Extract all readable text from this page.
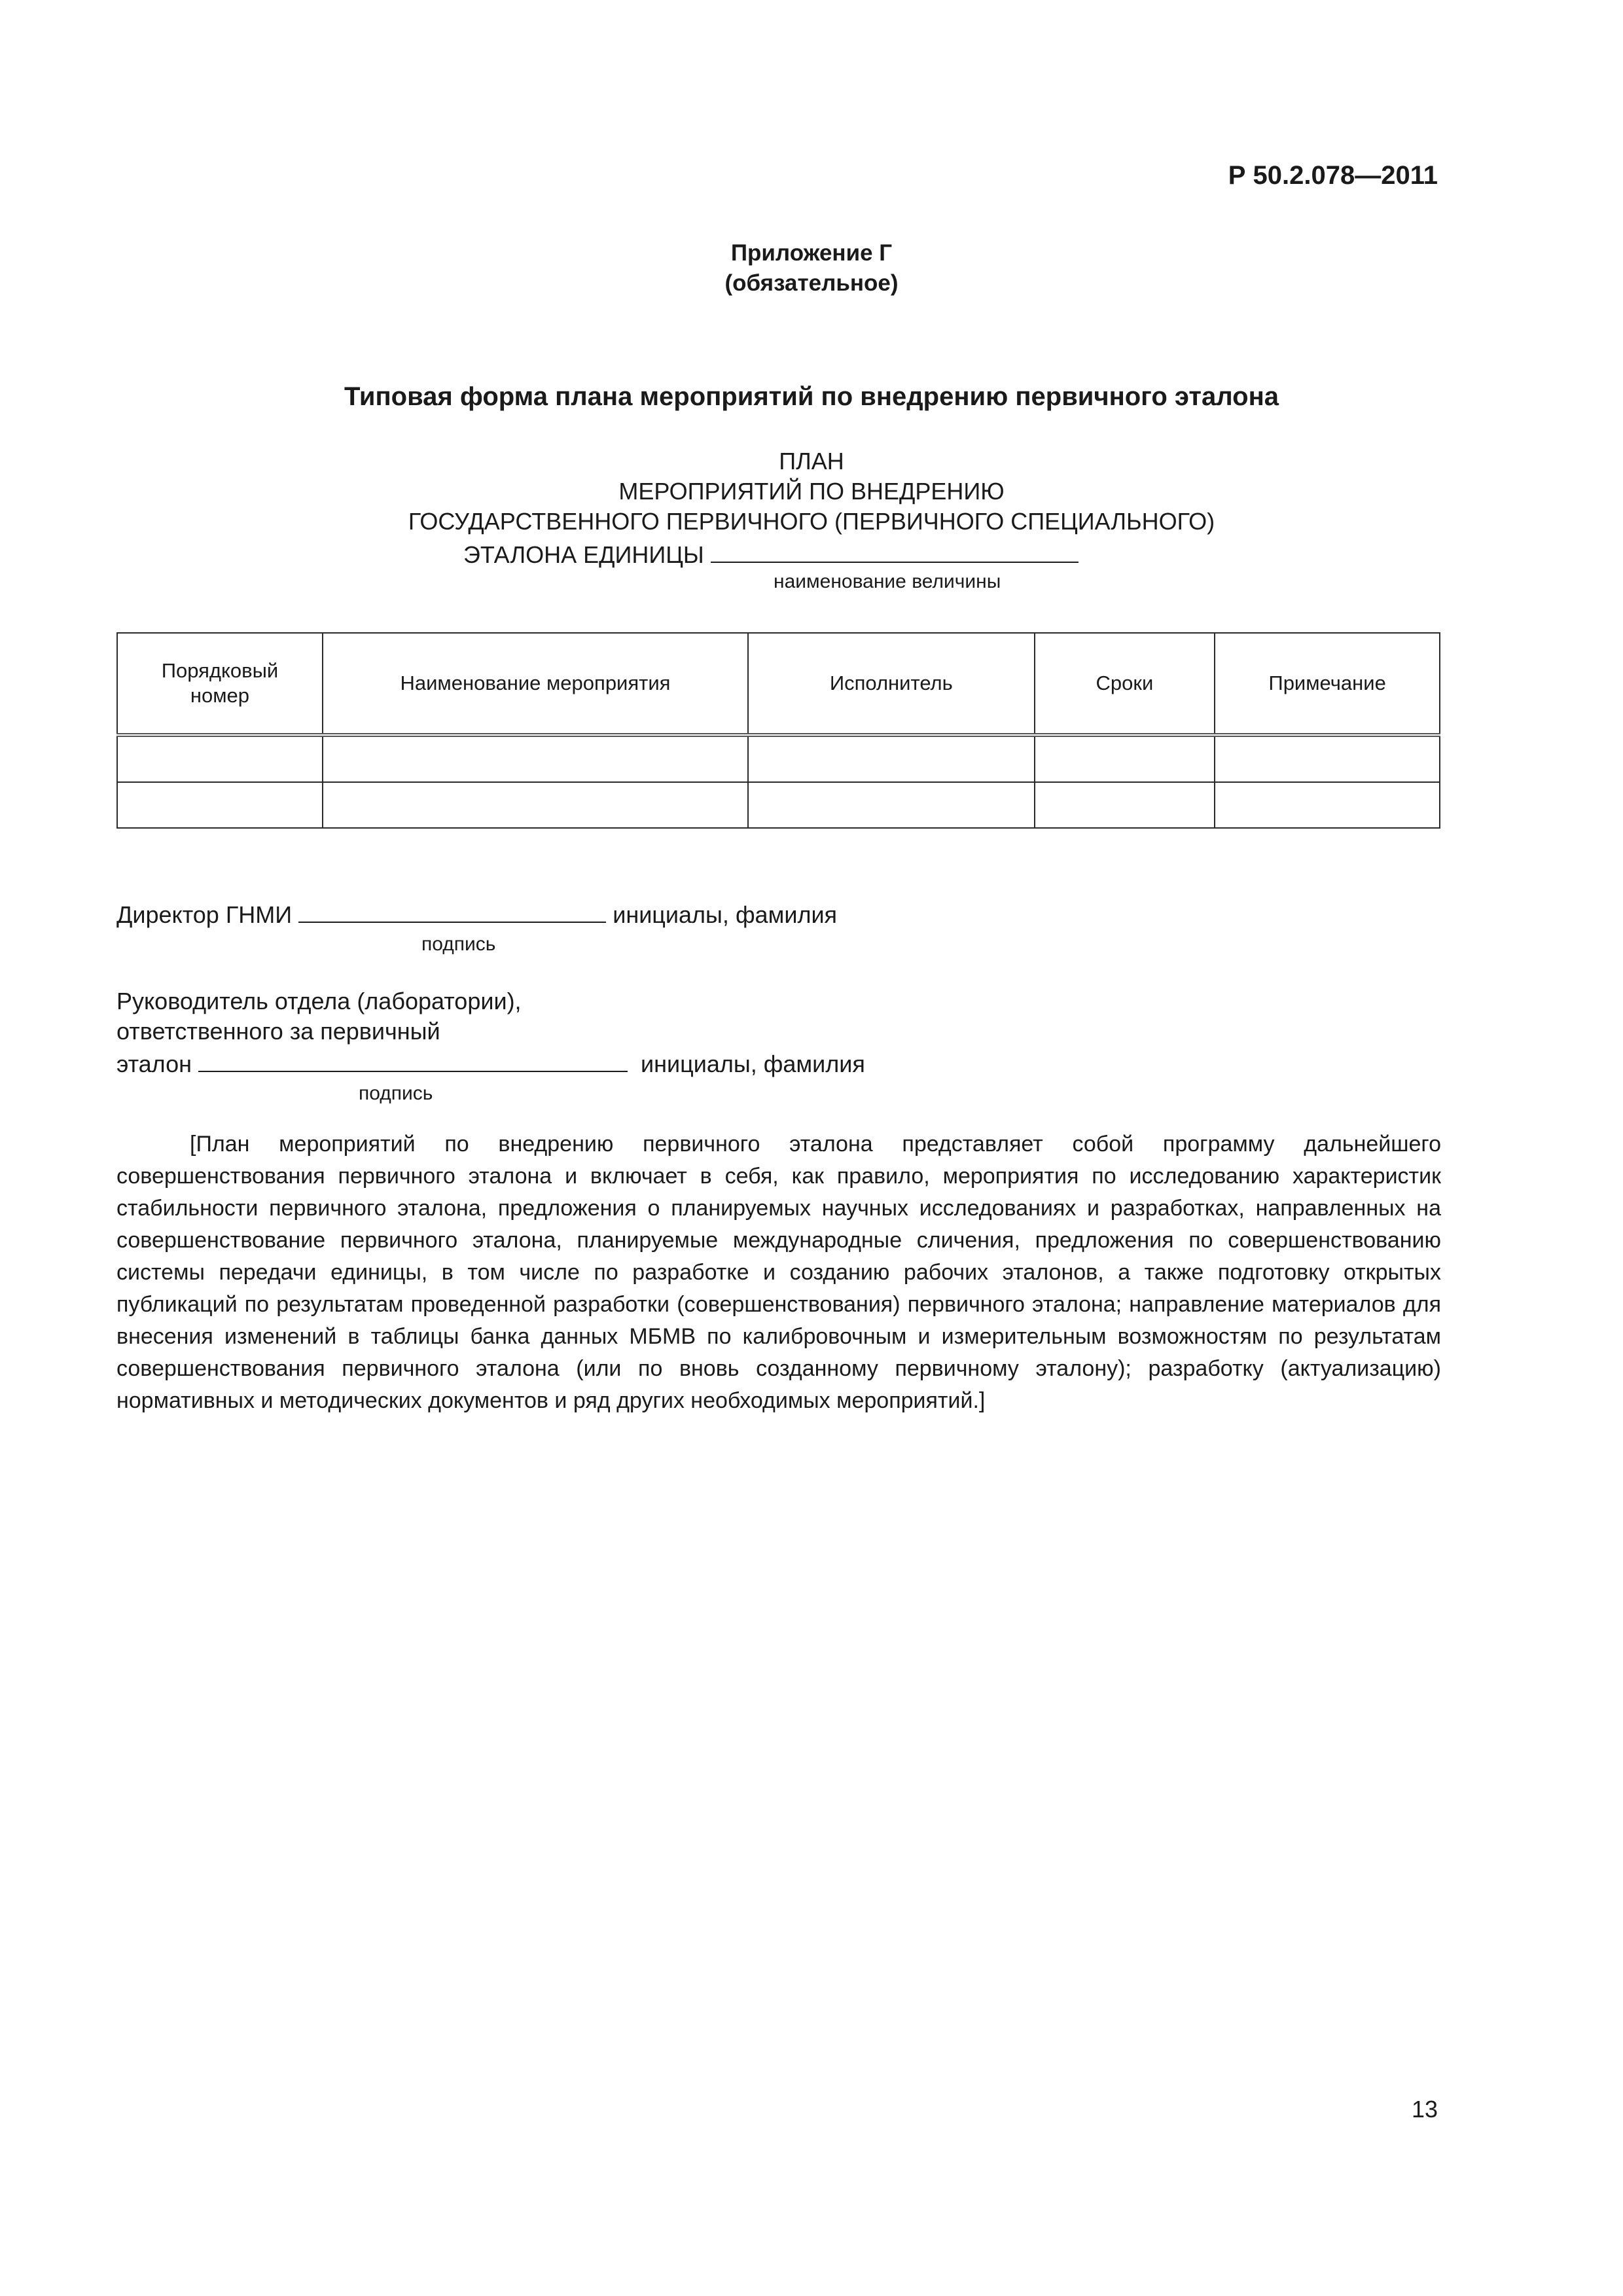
Р 50.2.078—2011
Приложение Г
(обязательное)
Типовая форма плана мероприятий по внедрению первичного эталона
ПЛАН
МЕРОПРИЯТИЙ ПО ВНЕДРЕНИЮ
ГОСУДАРСТВЕННОГО ПЕРВИЧНОГО (ПЕРВИЧНОГО СПЕЦИАЛЬНОГО)
ЭТАЛОНА ЕДИНИЦЫ
наименование величины
Порядковый номер	Наименование мероприятия	Исполнитель	Сроки	Примечание

Директор ГНМИ	инициалы, фамилия
подпись
Руководитель отдела (лаборатории),
ответственного за первичный
эталон	инициалы, фамилия
подпись
[План мероприятий по внедрению первичного эталона представляет собой программу дальнейшего совершенствования первичного эталона и включает в себя, как правило, мероприятия по исследованию характеристик стабильности первичного эталона, предложения о планируемых научных исследованиях и разработках, направленных на совершенствование первичного эталона, планируемые международные сличения, предложения по совершенствованию системы передачи единицы, в том числе по разработке и созданию рабочих эталонов, а также подготовку открытых публикаций по результатам проведенной разработки (совершенствования) первичного эталона; направление материалов для внесения изменений в таблицы банка данных МБМВ по калибровочным и измерительным возможностям по результатам совершенствования первичного эталона (или по вновь созданному первичному эталону); разработку (актуализацию) нормативных и методических документов и ряд других необходимых мероприятий.]
13
